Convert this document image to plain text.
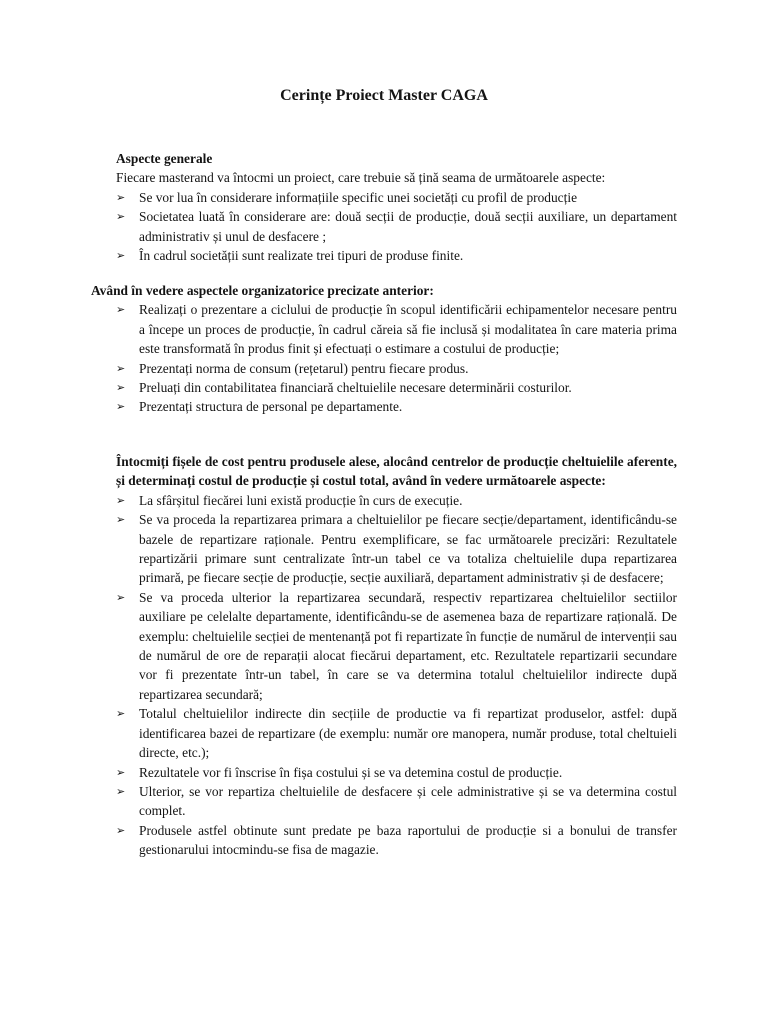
Cerințe Proiect Master CAGA
Aspecte generale
Fiecare masterand va întocmi un proiect, care trebuie să țină seama de următoarele aspecte:
➢ Se vor lua în considerare informațiile specific unei societăți cu profil de producție
➢ Societatea luată în considerare are: două secții de producție, două secții auxiliare, un departament administrativ și unul de desfacere ;
➢ În cadrul societății sunt realizate trei tipuri de produse finite.
Având în vedere aspectele organizatorice precizate anterior:
➢ Realizați o prezentare a ciclului de producție în scopul identificării echipamentelor necesare pentru a începe un proces de producție, în cadrul căreia să fie inclusă și modalitatea în care materia prima este transformată în produs finit și efectuați o estimare a costului de producție;
➢ Prezentați norma de consum (rețetarul) pentru fiecare produs.
➢ Preluați din contabilitatea financiară cheltuielile necesare determinării costurilor.
➢ Prezentați structura de personal pe departamente.
Întocmiți fișele de cost pentru produsele alese, alocând centrelor de producție cheltuielile aferente, și determinați costul de producție și costul total, având în vedere următoarele aspecte:
➢ La sfârșitul fiecărei luni există producție în curs de execuție.
➢ Se va proceda la repartizarea primara a cheltuielilor pe fiecare secție/departament, identificându-se bazele de repartizare raționale. Pentru exemplificare, se fac următoarele precizări: Rezultatele repartizării primare sunt centralizate într-un tabel ce va totaliza cheltuielile dupa repartizarea primară, pe fiecare secție de producție, secție auxiliară, departament administrativ și de desfacere;
➢ Se va proceda ulterior la repartizarea secundară, respectiv repartizarea cheltuielilor sectiilor auxiliare pe celelalte departamente, identificându-se de asemenea baza de repartizare rațională. De exemplu: cheltuielile secției de mentenanță pot fi repartizate în funcție de numărul de intervenții sau de numărul de ore de reparații alocat fiecărui departament, etc. Rezultatele repartizarii secundare vor fi prezentate într-un tabel, în care se va determina totalul cheltuielilor indirecte după repartizarea secundară;
➢ Totalul cheltuielilor indirecte din secțiile de productie va fi repartizat produselor, astfel: după identificarea bazei de repartizare (de exemplu: număr ore manopera, număr produse, total cheltuieli directe, etc.);
➢ Rezultatele vor fi înscrise în fișa costului și se va detemina costul de producție.
➢ Ulterior, se vor repartiza cheltuielile de desfacere și cele administrative și se va determina costul complet.
➢ Produsele astfel obtinute sunt predate pe baza raportului de producție si a bonului de transfer gestionarului intocmindu-se fisa de magazie.
